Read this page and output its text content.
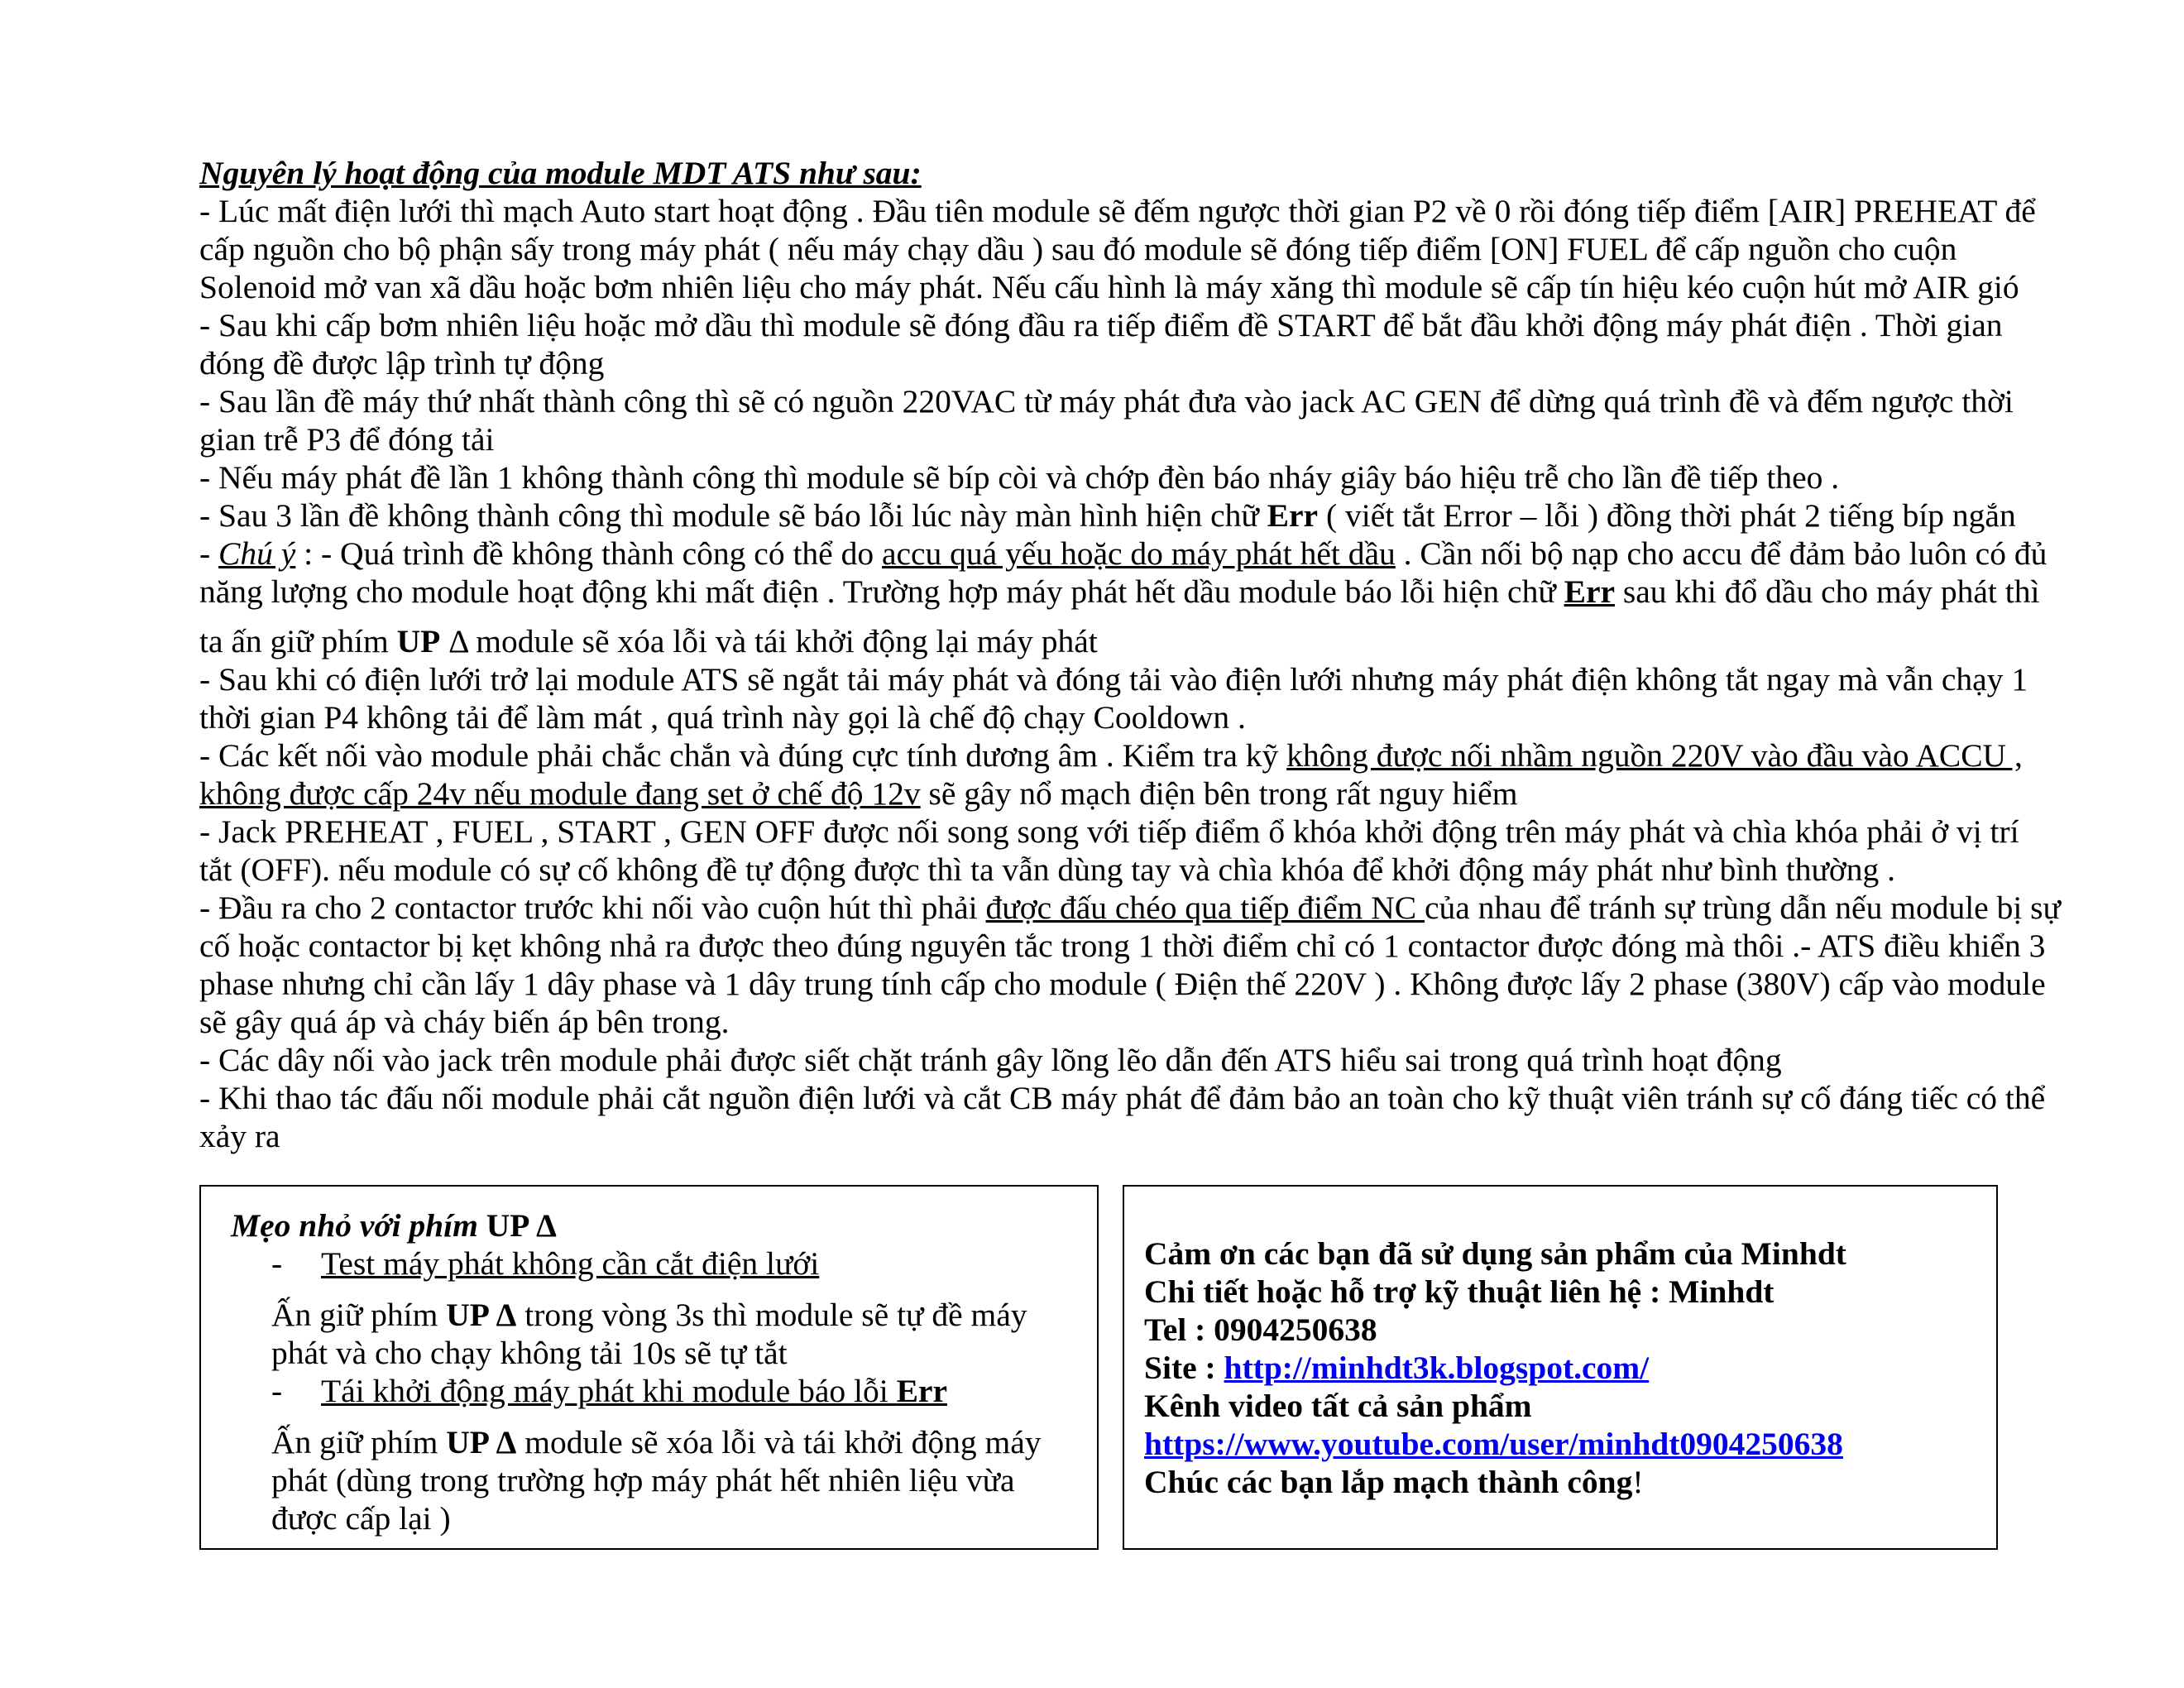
Nguyên lý hoạt động của module MDT ATS như sau:
- Lúc mất điện lưới thì mạch Auto start hoạt động . Đầu tiên module sẽ đếm ngược thời gian P2 về 0 rồi đóng tiếp điểm [AIR] PREHEAT để
cấp nguồn cho bộ phận sấy trong máy phát ( nếu máy chạy dầu ) sau đó module sẽ đóng tiếp điểm [ON] FUEL để cấp nguồn cho cuộn
Solenoid mở van xã dầu hoặc bơm nhiên liệu cho máy phát. Nếu cấu hình là máy xăng thì module sẽ cấp tín hiệu kéo cuộn hút mở AIR gió
- Sau khi cấp bơm nhiên liệu hoặc mở dầu thì module sẽ đóng đầu ra tiếp điểm đề START để bắt đầu khởi động máy phát điện . Thời gian
đóng đề được lập trình tự động
- Sau lần đề máy thứ nhất thành công thì sẽ có nguồn 220VAC từ máy phát đưa vào jack AC GEN để dừng quá trình đề và đếm ngược thời
gian trễ P3 để đóng tải
- Nếu máy phát đề lần 1 không thành công thì module sẽ bíp còi và chớp đèn báo nháy giây báo hiệu trễ cho lần đề tiếp theo .
- Sau 3 lần đề không thành công thì module sẽ báo lỗi lúc này màn hình hiện chữ Err ( viết tắt Error – lỗi ) đồng thời phát 2 tiếng bíp ngắn
- Chú ý : - Quá trình đề không thành công có thể do accu quá yếu hoặc do máy phát hết dầu . Cần nối bộ nạp cho accu để đảm bảo luôn có đủ
năng lượng cho module hoạt động khi mất điện . Trường hợp máy phát hết dầu module báo lỗi hiện chữ Err sau khi đổ dầu cho máy phát thì
ta ấn giữ phím UP Δ module sẽ xóa lỗi và tái khởi động lại máy phát
- Sau khi có điện lưới trở lại module ATS sẽ ngắt tải máy phát và đóng tải vào điện lưới nhưng máy phát điện không tắt ngay mà vẫn chạy 1
thời gian P4 không tải để làm mát , quá trình này gọi là chế độ chạy Cooldown .
- Các kết nối vào module phải chắc chắn và đúng cực tính dương âm . Kiểm tra kỹ không được nối nhầm nguồn 220V vào đầu vào ACCU ,
không được cấp 24v nếu module đang set ở chế độ 12v sẽ gây nổ mạch điện bên trong rất nguy hiểm
- Jack PREHEAT , FUEL , START , GEN OFF được nối song song với tiếp điểm ổ khóa khởi động trên máy phát và chìa khóa phải ở vị trí
tắt (OFF). nếu module có sự cố không đề tự động được thì ta vẫn dùng tay và chìa khóa để khởi động máy phát như bình thường .
- Đầu ra cho 2 contactor trước khi nối vào cuộn hút thì phải được đấu chéo qua tiếp điểm NC của nhau để tránh sự trùng dẫn nếu module bị sự
cố hoặc contactor bị kẹt không nhả ra được theo đúng nguyên tắc trong 1 thời điểm chỉ có 1 contactor được đóng mà thôi .- ATS điều khiển 3
phase nhưng chỉ cần lấy 1 dây phase và 1 dây trung tính cấp cho module ( Điện thế 220V ) . Không được lấy 2 phase (380V) cấp vào module
sẽ gây quá áp và cháy biến áp bên trong.
- Các dây nối vào jack trên module phải được siết chặt tránh gây lõng lẽo dẫn đến ATS hiểu sai trong quá trình hoạt động
- Khi thao tác đấu nối module phải cắt nguồn điện lưới và cắt CB máy phát để đảm bảo an toàn cho kỹ thuật viên tránh sự cố đáng tiếc có thể
xảy ra
Mẹo nhỏ với phím UP Δ
- Test máy phát không cần cắt điện lưới
Ấn giữ phím UP Δ trong vòng 3s thì module sẽ tự đề máy phát và cho chạy không tải 10s sẽ tự tắt
- Tái khởi động máy phát khi module báo lỗi Err
Ấn giữ phím UP Δ module sẽ xóa lỗi và tái khởi động máy phát (dùng trong trường hợp máy phát hết nhiên liệu vừa được cấp lại )
Cảm ơn các bạn đã sử dụng sản phẩm của Minhdt
Chi tiết hoặc hỗ trợ kỹ thuật liên hệ : Minhdt
Tel : 0904250638
Site : http://minhdt3k.blogspot.com/
Kênh video tất cả sản phẩm
https://www.youtube.com/user/minhdt0904250638
Chúc các bạn lắp mạch thành công!
